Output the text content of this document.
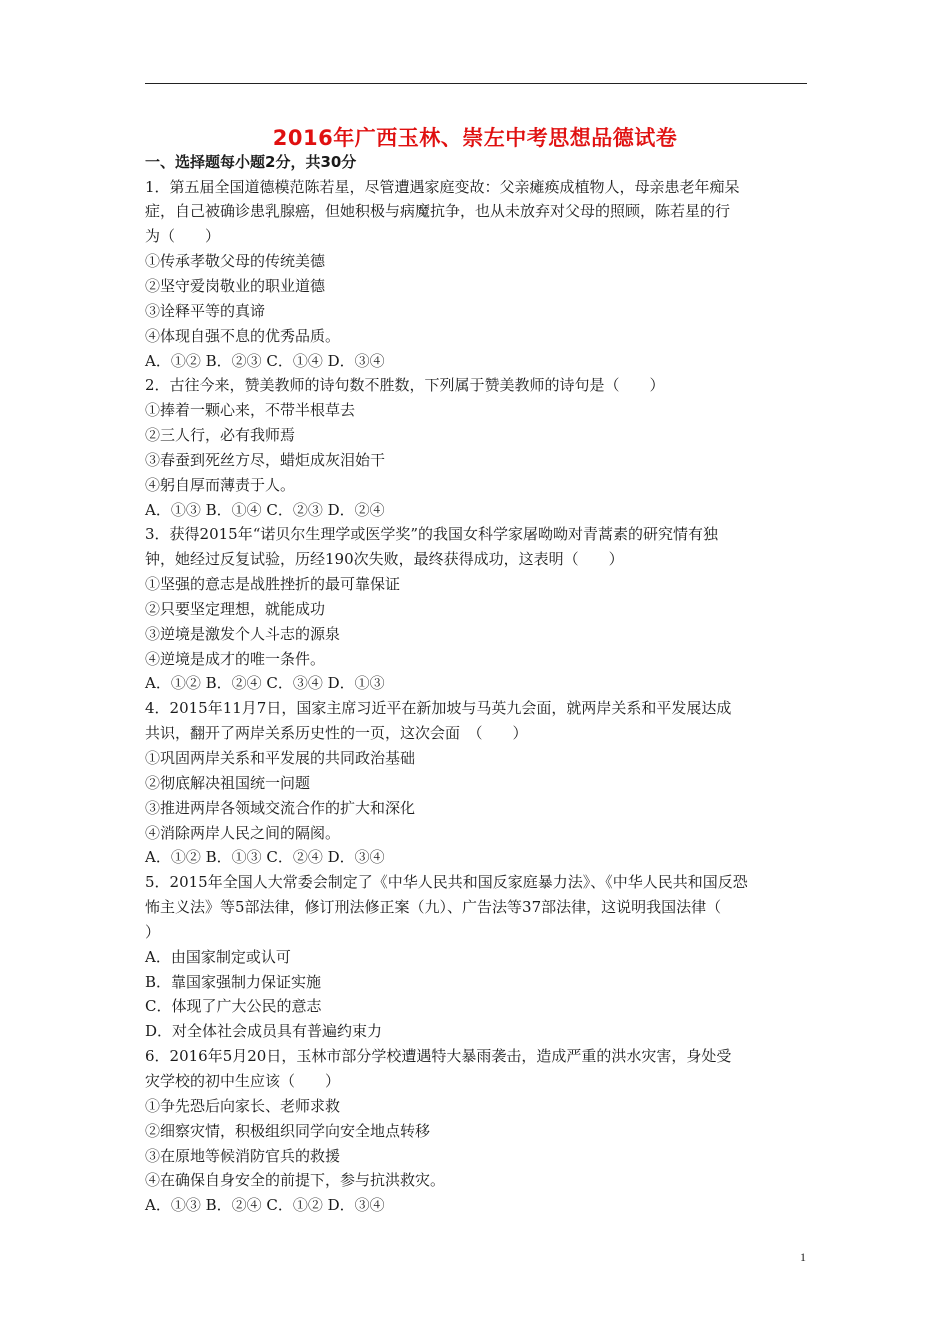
2016年广西玉林、崇左中考思想品德试卷
一、选择题每小题2分，共30分
1．第五届全国道德模范陈若星，尽管遭遇家庭变故：父亲瘫痪成植物人，母亲患老年痴呆
症，自己被确诊患乳腺癌，但她积极与病魔抗争，也从未放弃对父母的照顾，陈若星的行
为（　　）
①传承孝敬父母的传统美德
②坚守爱岗敬业的职业道德
③诠释平等的真谛
④体现自强不息的优秀品质。
A．①② B．②③ C．①④ D．③④
2．古往今来，赞美教师的诗句数不胜数，下列属于赞美教师的诗句是（　　）
①捧着一颗心来，不带半根草去
②三人行，必有我师焉
③春蚕到死丝方尽，蜡炬成灰泪始干
④躬自厚而薄责于人。
A．①③ B．①④ C．②③ D．②④
3．获得2015年“诺贝尔生理学或医学奖”的我国女科学家屠呦呦对青蒿素的研究情有独
钟，她经过反复试验，历经190次失败，最终获得成功，这表明（　　）
①坚强的意志是战胜挫折的最可靠保证
②只要坚定理想，就能成功
③逆境是激发个人斗志的源泉
④逆境是成才的唯一条件。
A．①② B．②④ C．③④ D．①③
4．2015年11月7日，国家主席习近平在新加坡与马英九会面，就两岸关系和平发展达成
共识，翻开了两岸关系历史性的一页，这次会面　（　　）
①巩固两岸关系和平发展的共同政治基础
②彻底解决祖国统一问题
③推进两岸各领域交流合作的扩大和深化
④消除两岸人民之间的隔阂。
A．①② B．①③ C．②④ D．③④
5．2015年全国人大常委会制定了《中华人民共和国反家庭暴力法》、《中华人民共和国反恐
怖主义法》等5部法律，修订刑法修正案（九）、广告法等37部法律，这说明我国法律（
）
A．由国家制定或认可
B．靠国家强制力保证实施
C．体现了广大公民的意志
D．对全体社会成员具有普遍约束力
6．2016年5月20日，玉林市部分学校遭遇特大暴雨袭击，造成严重的洪水灾害，身处受
灾学校的初中生应该（　　）
①争先恐后向家长、老师求救
②细察灾情，积极组织同学向安全地点转移
③在原地等候消防官兵的救援
④在确保自身安全的前提下，参与抗洪救灾。
A．①③ B．②④ C．①② D．③④
1
